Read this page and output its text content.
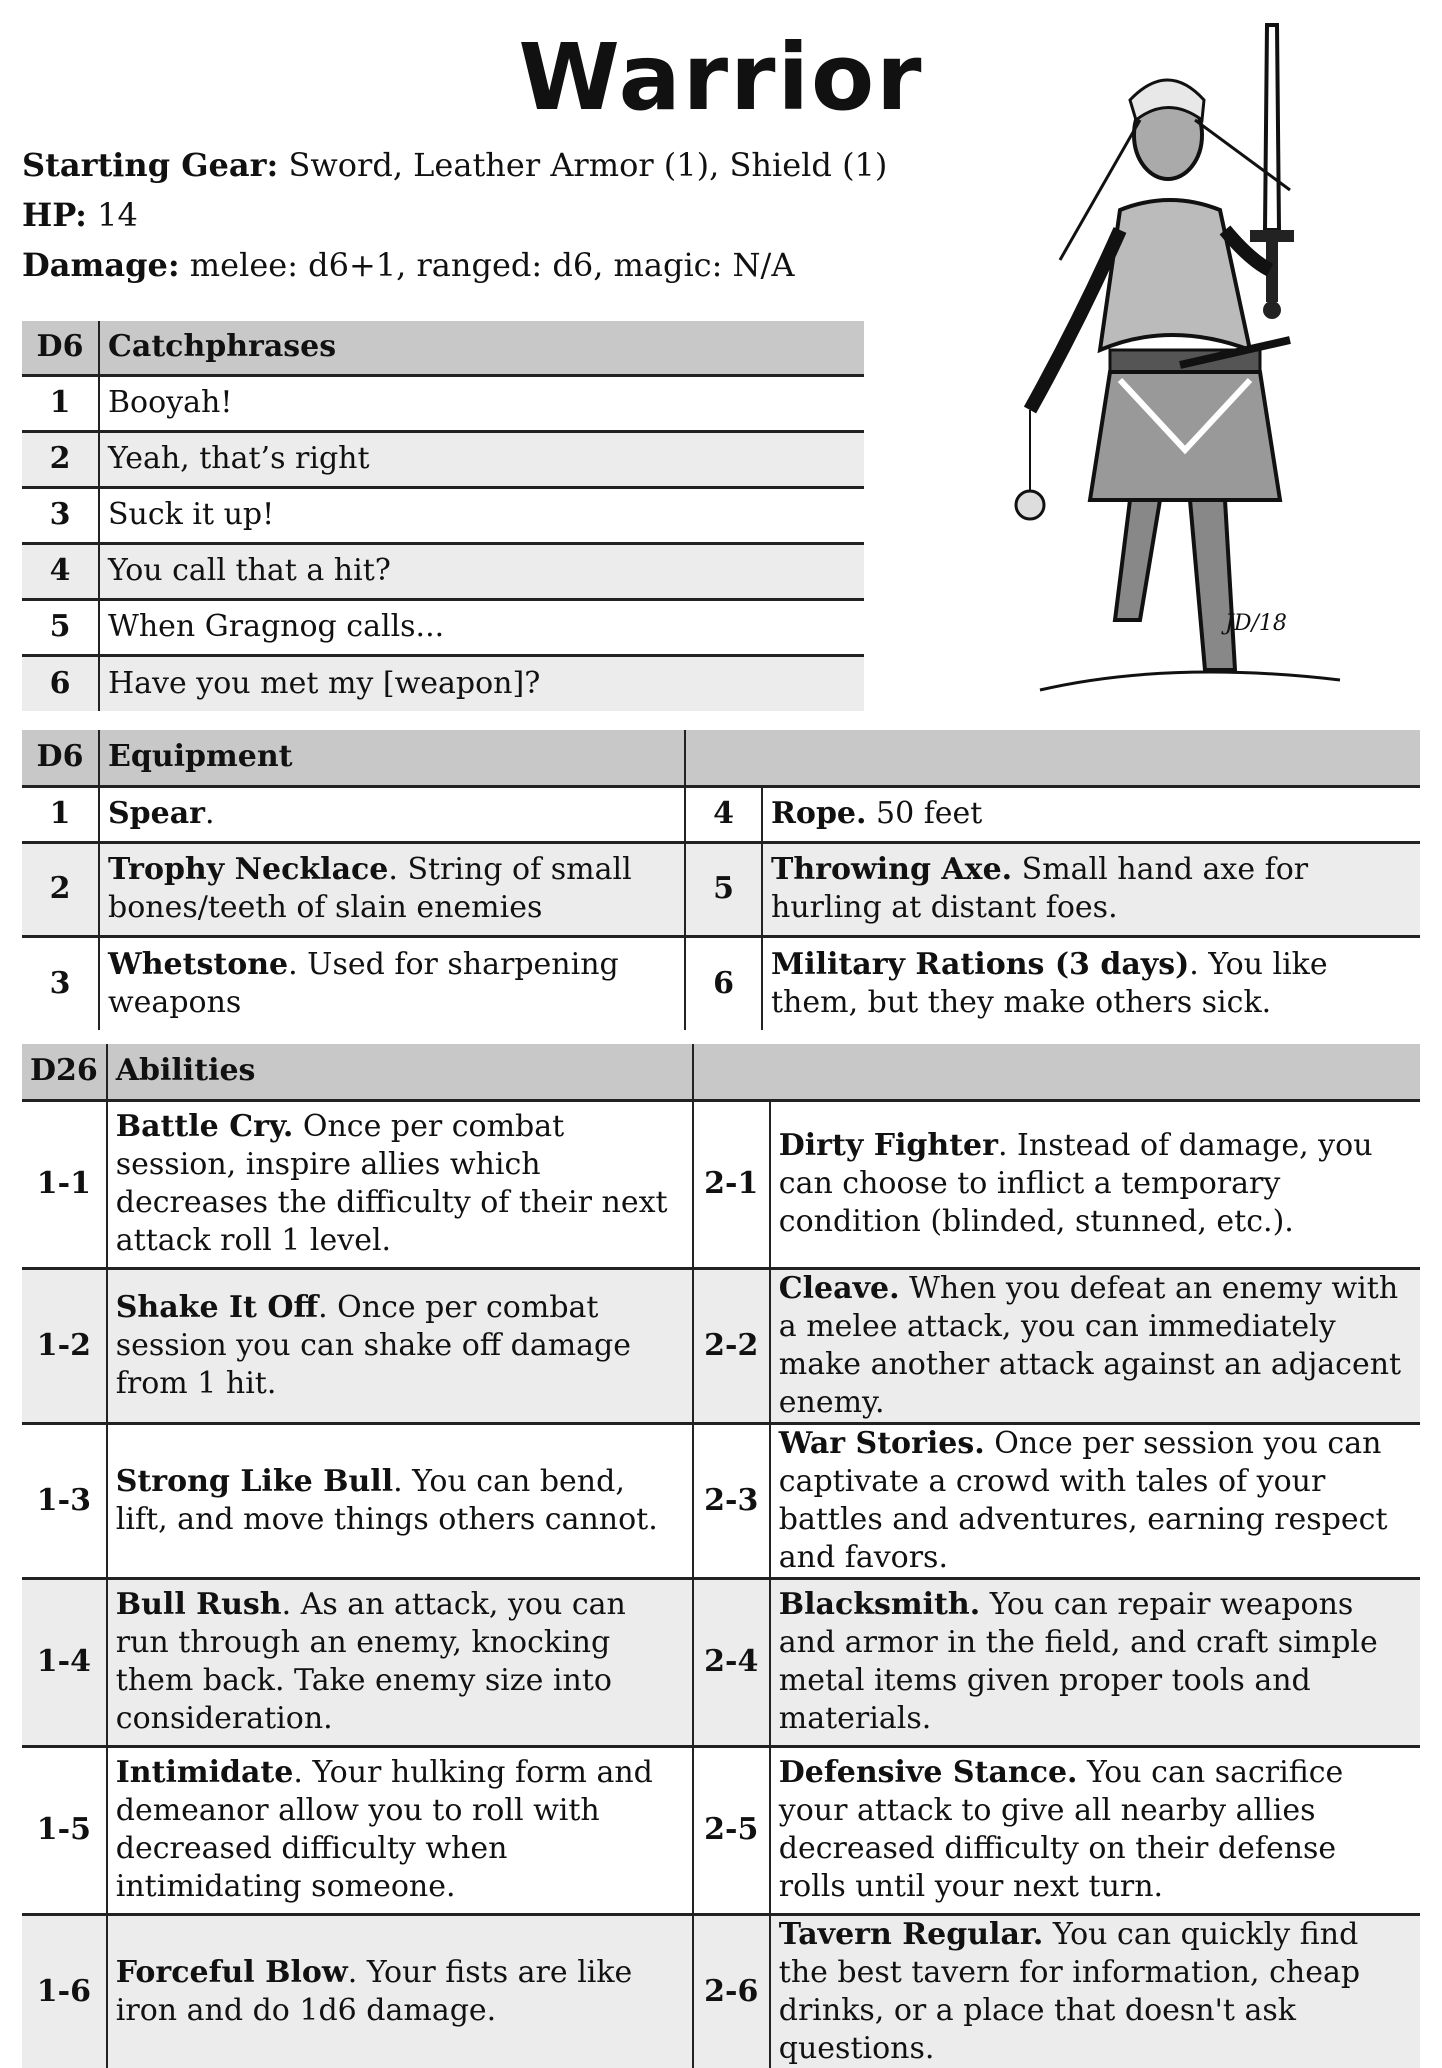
Warrior
Starting Gear: Sword, Leather Armor (1), Shield (1)
HP: 14
Damage: melee: d6+1, ranged: d6, magic: N/A
JD/18
D6	Catchphrases
1	Booyah!
2	Yeah, that’s right
3	Suck it up!
4	You call that a hit?
5	When Gragnog calls...
6	Have you met my [weapon]?
D6	Equipment		
1	Spear.	4	Rope. 50 feet
2	Trophy Necklace. String of small bones/teeth of slain enemies	5	Throwing Axe. Small hand axe for hurling at distant foes.
3	Whetstone. Used for sharpening weapons	6	Military Rations (3 days). You like them, but they make others sick.
D26	Abilities		
1-1	Battle Cry. Once per combat session, inspire allies which decreases the difficulty of their next attack roll 1 level.	2-1	Dirty Fighter. Instead of damage, you can choose to inflict a temporary condition (blinded, stunned, etc.).
1-2	Shake It Off. Once per combat session you can shake off damage from 1 hit.	2-2	Cleave. When you defeat an enemy with a melee attack, you can immediately make another attack against an adjacent enemy.
1-3	Strong Like Bull. You can bend, lift, and move things others cannot.	2-3	War Stories. Once per session you can captivate a crowd with tales of your battles and adventures, earning respect and favors.
1-4	Bull Rush. As an attack, you can run through an enemy, knocking them back. Take enemy size into consideration.	2-4	Blacksmith. You can repair weapons and armor in the field, and craft simple metal items given proper tools and materials.
1-5	Intimidate. Your hulking form and demeanor allow you to roll with decreased difficulty when intimidating someone.	2-5	Defensive Stance. You can sacrifice your attack to give all nearby allies decreased difficulty on their defense rolls until your next turn.
1-6	Forceful Blow. Your fists are like iron and do 1d6 damage.	2-6	Tavern Regular. You can quickly find the best tavern for information, cheap drinks, or a place that doesn't ask questions.
